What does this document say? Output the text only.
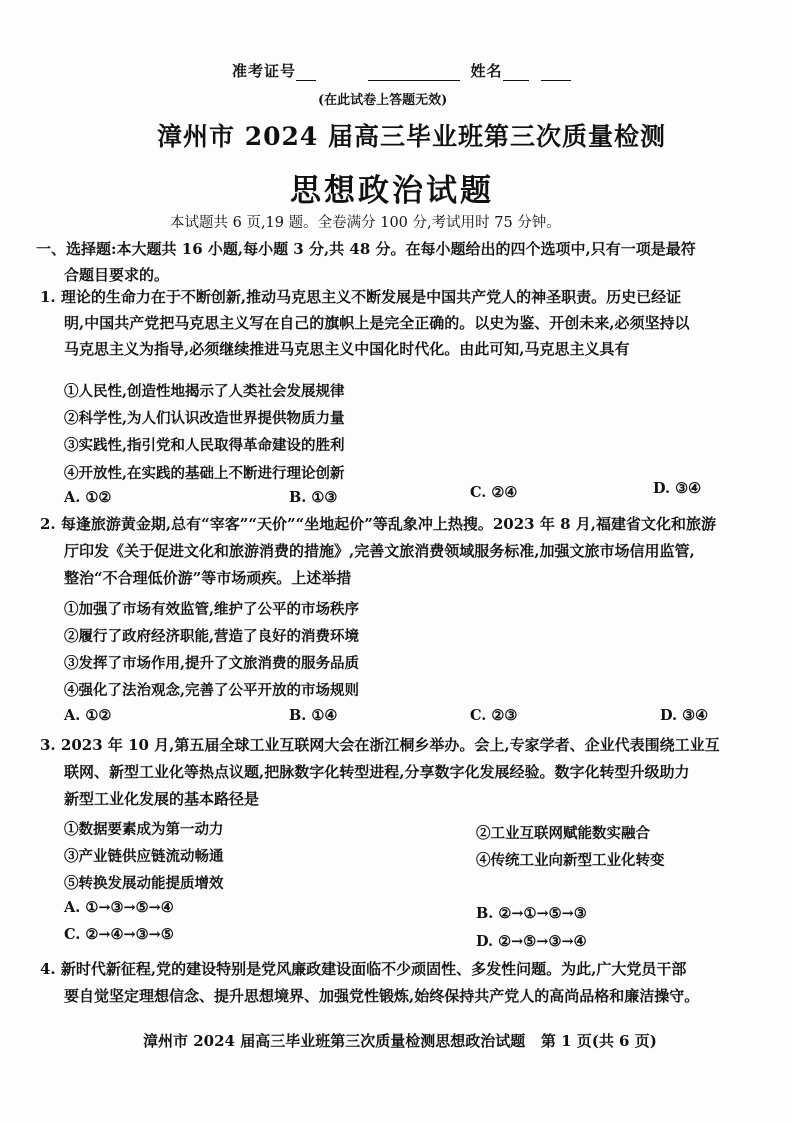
准考证号	姓名
(在此试卷上答题无效)
漳州市 2024 届高三毕业班第三次质量检测
思想政治试题
本试题共 6 页,19 题。全卷满分 100 分,考试用时 75 分钟。
一、选择题:本大题共 16 小题,每小题 3 分,共 48 分。在每小题给出的四个选项中,只有一项是最符
合题目要求的。
1. 理论的生命力在于不断创新,推动马克思主义不断发展是中国共产党人的神圣职责。历史已经证
明,中国共产党把马克思主义写在自己的旗帜上是完全正确的。以史为鉴、开创未来,必须坚持以
马克思主义为指导,必须继续推进马克思主义中国化时代化。由此可知,马克思主义具有
①人民性,创造性地揭示了人类社会发展规律
②科学性,为人们认识改造世界提供物质力量
③实践性,指引党和人民取得革命建设的胜利
④开放性,在实践的基础上不断进行理论创新
A. ①②	B. ①③	C. ②④	D. ③④
2. 每逢旅游黄金期,总有“宰客”“天价”“坐地起价”等乱象冲上热搜。2023 年 8 月,福建省文化和旅游
厅印发《关于促进文化和旅游消费的措施》,完善文旅消费领域服务标准,加强文旅市场信用监管,
整治“不合理低价游”等市场顽疾。上述举措
①加强了市场有效监管,维护了公平的市场秩序
②履行了政府经济职能,营造了良好的消费环境
③发挥了市场作用,提升了文旅消费的服务品质
④强化了法治观念,完善了公平开放的市场规则
A. ①②	B. ①④	C. ②③	D. ③④
3. 2023 年 10 月,第五届全球工业互联网大会在浙江桐乡举办。会上,专家学者、企业代表围绕工业互
联网、新型工业化等热点议题,把脉数字化转型进程,分享数字化发展经验。数字化转型升级助力
新型工业化发展的基本路径是
①数据要素成为第一动力	②工业互联网赋能数实融合
③产业链供应链流动畅通	④传统工业向新型工业化转变
⑤转换发展动能提质增效
A. ①→③→⑤→④	B. ②→①→⑤→③
C. ②→④→③→⑤	D. ②→⑤→③→④
4. 新时代新征程,党的建设特别是党风廉政建设面临不少顽固性、多发性问题。为此,广大党员干部
要自觉坚定理想信念、提升思想境界、加强党性锻炼,始终保持共产党人的高尚品格和廉洁操守。
漳州市 2024 届高三毕业班第三次质量检测思想政治试题   第 1 页(共 6 页)
